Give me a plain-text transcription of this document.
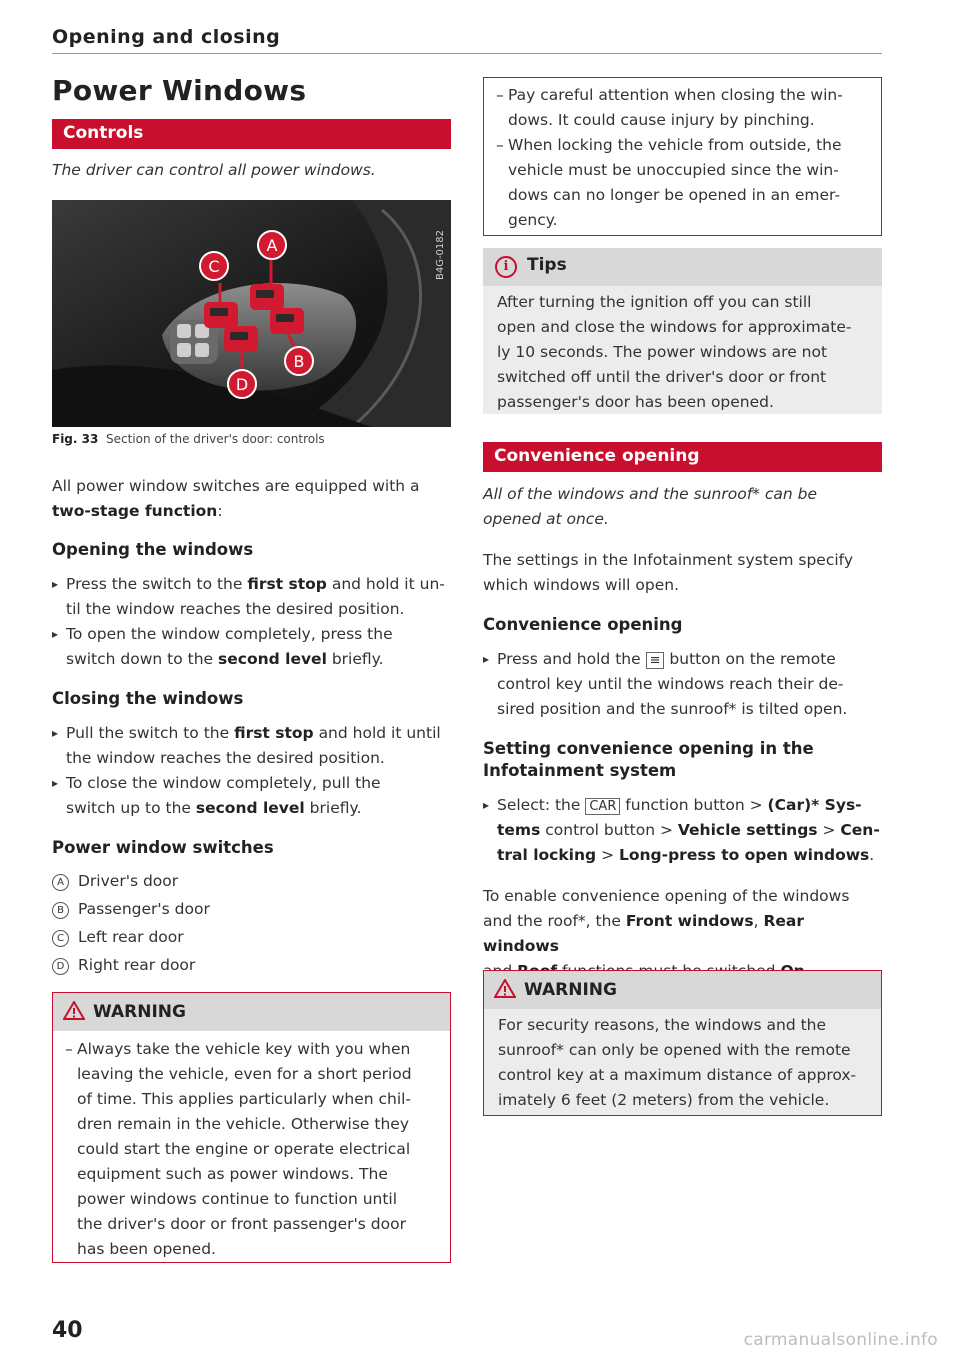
Opening and closing
Power Windows
Controls
The driver can control all power windows.
C
A
B
D
B4G-0182
Fig. 33 Section of the driver's door: controls
All power window switches are equipped with a
two-stage function:
Opening the windows
▸ Press the switch to the first stop and hold it un-
til the window reaches the desired position.
▸ To open the window completely, press the
switch down to the second level briefly.
Closing the windows
▸ Pull the switch to the first stop and hold it until
the window reaches the desired position.
▸ To close the window completely, pull the
switch up to the second level briefly.
Power window switches
A Driver's door
B Passenger's door
C Left rear door
D Right rear door
WARNING
– Always take the vehicle key with you when
leaving the vehicle, even for a short period
of time. This applies particularly when chil-
dren remain in the vehicle. Otherwise they
could start the engine or operate electrical
equipment such as power windows. The
power windows continue to function until
the driver's door or front passenger's door
has been opened.
40
– Pay careful attention when closing the win-
dows. It could cause injury by pinching.
– When locking the vehicle from outside, the
vehicle must be unoccupied since the win-
dows can no longer be opened in an emer-
gency.
i Tips
After turning the ignition off you can still
open and close the windows for approximate-
ly 10 seconds. The power windows are not
switched off until the driver's door or front
passenger's door has been opened.
Convenience opening
All of the windows and the sunroof* can be
opened at once.
The settings in the Infotainment system specify
which windows will open.
Convenience opening
▸ Press and hold the ≡ button on the remote
control key until the windows reach their de-
sired position and the sunroof* is tilted open.
Setting convenience opening in the
Infotainment system
▸ Select: the CAR function button > (Car)* Sys-
tems control button > Vehicle settings > Cen-
tral locking > Long-press to open windows.
To enable convenience opening of the windows
and the roof*, the Front windows, Rear windows

WARNING
For security reasons, the windows and the
sunroof* can only be opened with the remote
control key at a maximum distance of approx-
imately 6 feet (2 meters) from the vehicle.
carmanualsonline.info
